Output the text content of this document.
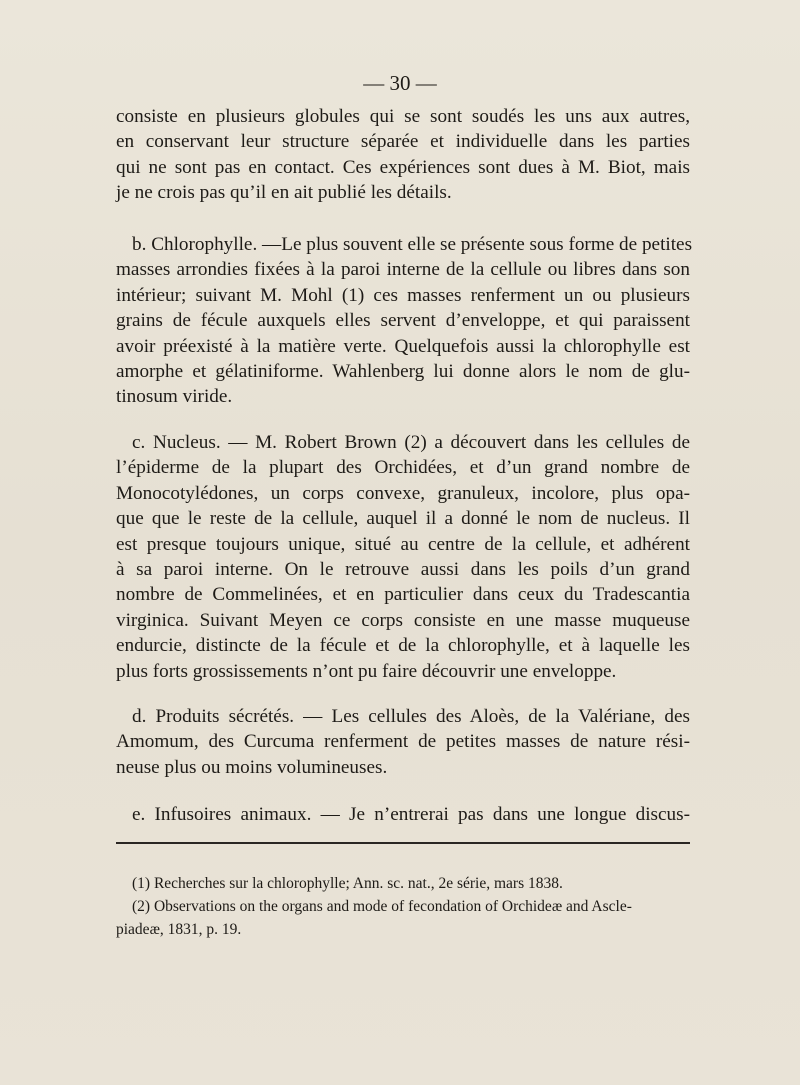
— 30 —

consiste en plusieurs globules qui se sont soudés les uns aux autres,
en conservant leur structure séparée et individuelle dans les parties
qui ne sont pas en contact. Ces expériences sont dues à M. Biot, mais
je ne crois pas qu’il en ait publié les détails.

b. Chlorophylle. —Le plus souvent elle se présente sous forme de petites
masses arrondies fixées à la paroi interne de la cellule ou libres dans son
intérieur; suivant M. Mohl (1) ces masses renferment un ou plusieurs
grains de fécule auxquels elles servent d’enveloppe, et qui paraissent
avoir préexisté à la matière verte. Quelquefois aussi la chlorophylle est
amorphe et gélatiniforme. Wahlenberg lui donne alors le nom de glu-
tinosum viride.

c. Nucleus. — M. Robert Brown (2) a découvert dans les cellules de
l’épiderme de la plupart des Orchidées, et d’un grand nombre de
Monocotylédones, un corps convexe, granuleux, incolore, plus opa-
que que le reste de la cellule, auquel il a donné le nom de nucleus. Il
est presque toujours unique, situé au centre de la cellule, et adhérent
à sa paroi interne. On le retrouve aussi dans les poils d’un grand
nombre de Commelinées, et en particulier dans ceux du Tradescantia
virginica. Suivant Meyen ce corps consiste en une masse muqueuse
endurcie, distincte de la fécule et de la chlorophylle, et à laquelle les
plus forts grossissements n’ont pu faire découvrir une enveloppe.

d. Produits sécrétés. — Les cellules des Aloès, de la Valériane, des
Amomum, des Curcuma renferment de petites masses de nature rési-
neuse plus ou moins volumineuses.

e. Infusoires animaux. — Je n’entrerai pas dans une longue discus-

(1) Recherches sur la chlorophylle; Ann. sc. nat., 2e série, mars 1838.

(2) Observations on the organs and mode of fecondation of Orchideæ and Ascle-
piadeæ, 1831, p. 19.
